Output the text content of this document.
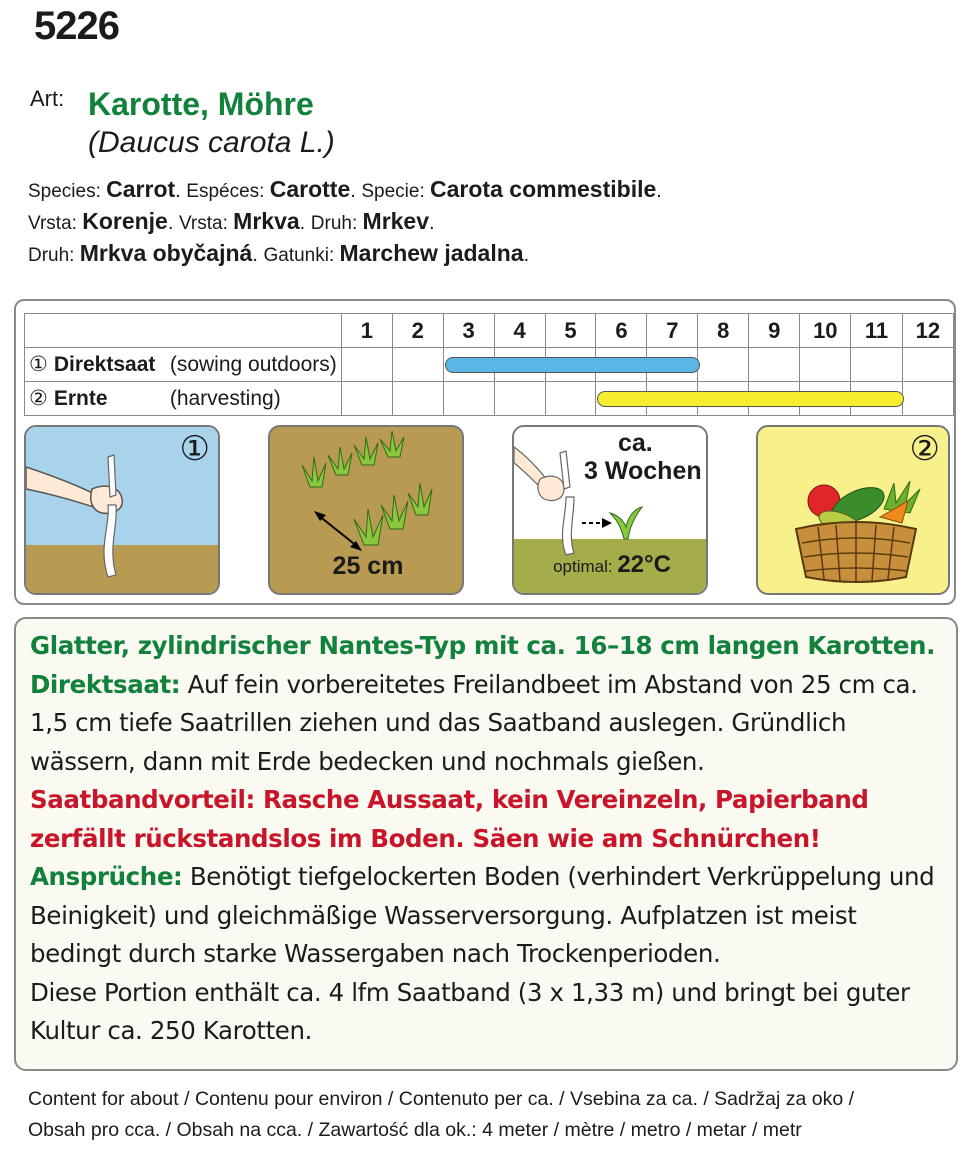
5226
Art: Karotte, Möhre
(Daucus carota L.)
Species: Carrot. Espéces: Carotte. Specie: Carota commestibile.
Vrsta: Korenje. Vrsta: Mrkva. Druh: Mrkev.
Druh: Mrkva obyčajná. Gatunki: Marchew jadalna.
	1	2	3	4	5	6	7	8	9	10	11	12
① Direktsaat (sowing outdoors)			

② Ernte (harvesting)						

①
25 cm
ca.
3 Wochen
optimal: 22°C
②

Glatter, zylindrischer Nantes-Typ mit ca. 16–18 cm langen Karotten.

Direktsaat: Auf fein vorbereitetes Freilandbeet im Abstand von 25 cm ca. 1,5 cm tiefe Saatrillen ziehen und das Saatband auslegen. Gründlich wässern, dann mit Erde bedecken und nochmals gießen.

Saatbandvorteil: Rasche Aussaat, kein Vereinzeln, Papierband zerfällt rückstandslos im Boden. Säen wie am Schnürchen!

Ansprüche: Benötigt tiefgelockerten Boden (verhindert Verkrüppelung und Beinigkeit) und gleichmäßige Wasserversorgung. Aufplatzen ist meist bedingt durch starke Wassergaben nach Trockenperioden.

Diese Portion enthält ca. 4 lfm Saatband (3 x 1,33 m) und bringt bei guter Kultur ca. 250 Karotten.

Content for about / Contenu pour environ / Contenuto per ca. / Vsebina za ca. / Sadržaj za oko /
Obsah pro cca. / Obsah na cca. / Zawartość dla ok.: 4 meter / mètre / metro / metar / metr
